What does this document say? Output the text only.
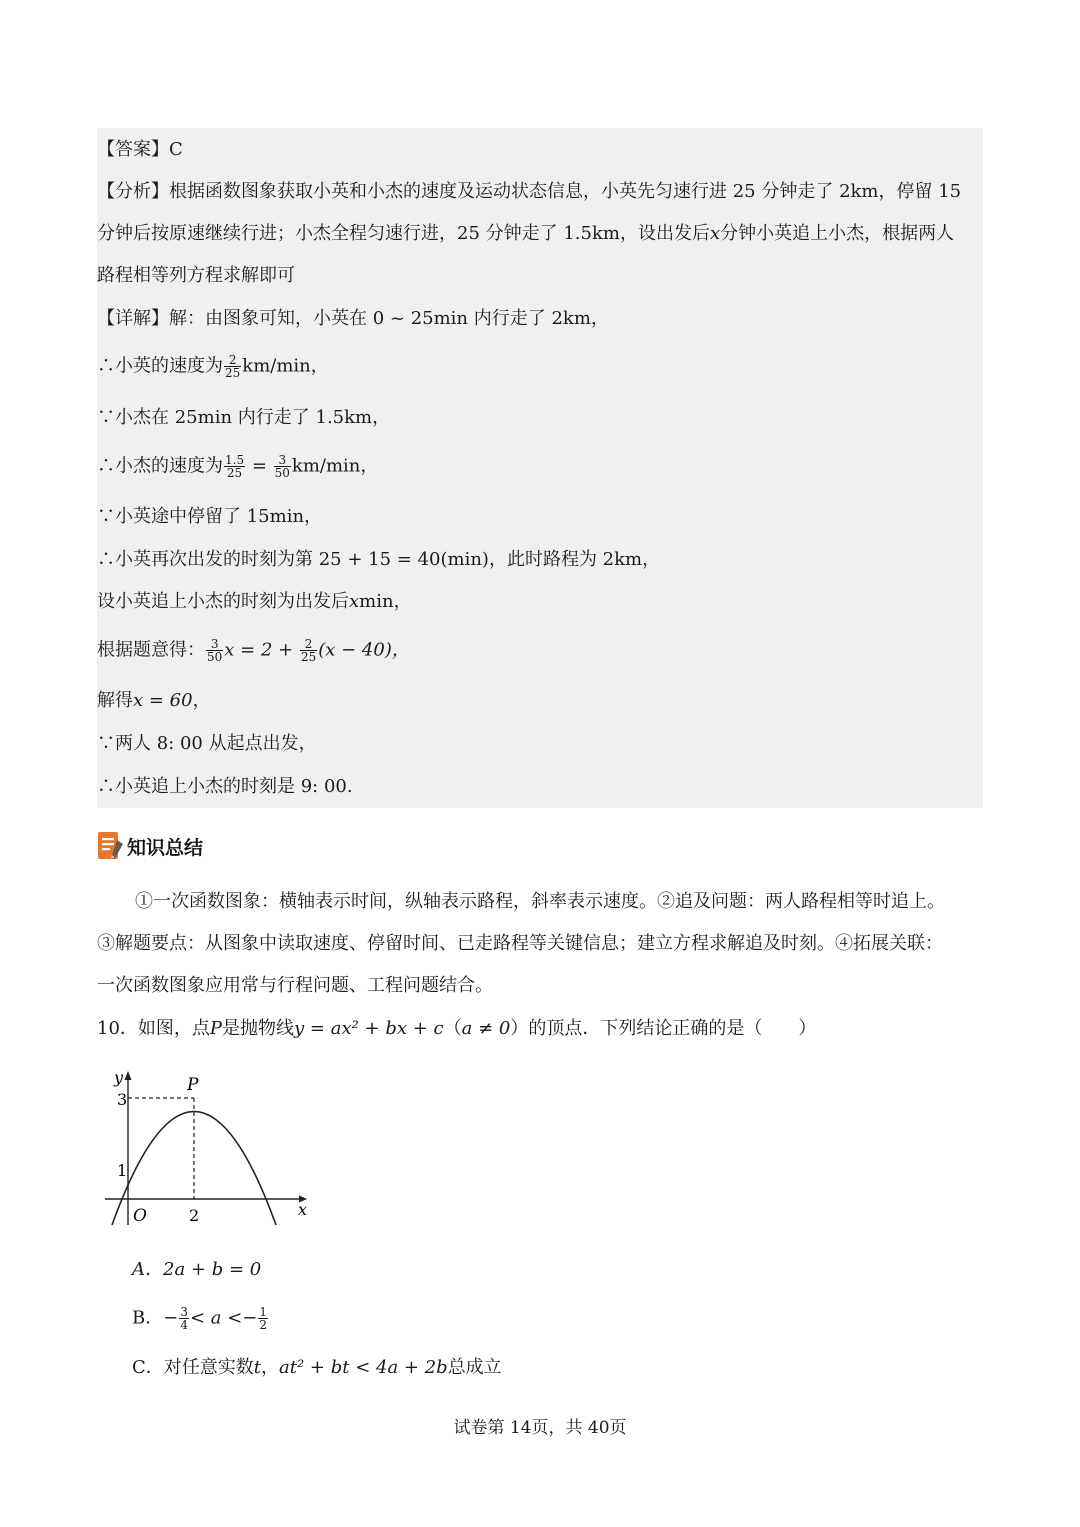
【答案】C
【分析】根据函数图象获取小英和小杰的速度及运动状态信息，小英先匀速行进 25 分钟走了 2km，停留 15
分钟后按原速继续行进；小杰全程匀速行进，25 分钟走了 1.5km，设出发后x分钟小英追上小杰，根据两人
路程相等列方程求解即可
【详解】解：由图象可知，小英在 0 ~ 25min 内行走了 2km，
∴小英的速度为 $\frac{2}{25} km/\min$，
∵小杰在 25min 内行走了 1.5km，
∴小杰的速度为 $\frac{1.5}{25} = \frac{3}{50} km/\min$，
∵小英途中停留了 15min，
∴小英再次出发的时刻为第 25 + 15 = 40(min)，此时路程为 2km，
设小英追上小杰的时刻为出发后xmin，
根据题意得： $\frac{3}{50}$ $x = 2 + \frac{2}{25} (x - 40)$，
解得x = 60，
∵两人 8: 00 从起点出发，
∴小英追上小杰的时刻是 9: 00.
知识总结
①一次函数图象：横轴表示时间，纵轴表示路程，斜率表示速度。②追及问题：两人路程相等时追上。
③解题要点：从图象中读取速度、停留时间、已走路程等关键信息；建立方程求解追及时刻。④拓展关联：
一次函数图象应用常与行程问题、工程问题结合。
10．如图，点P是抛物线y = ax² + bx + c（a ≠ 0）的顶点．下列结论正确的是（　　）
y
x
O
P
3
1
2
A．2a + b = 0
B．− $\frac{3}{4} < a <- \frac{1}{2}$
C．对任意实数t，at² + bt < 4a + 2b总成立
试卷第 14页，共 40页
